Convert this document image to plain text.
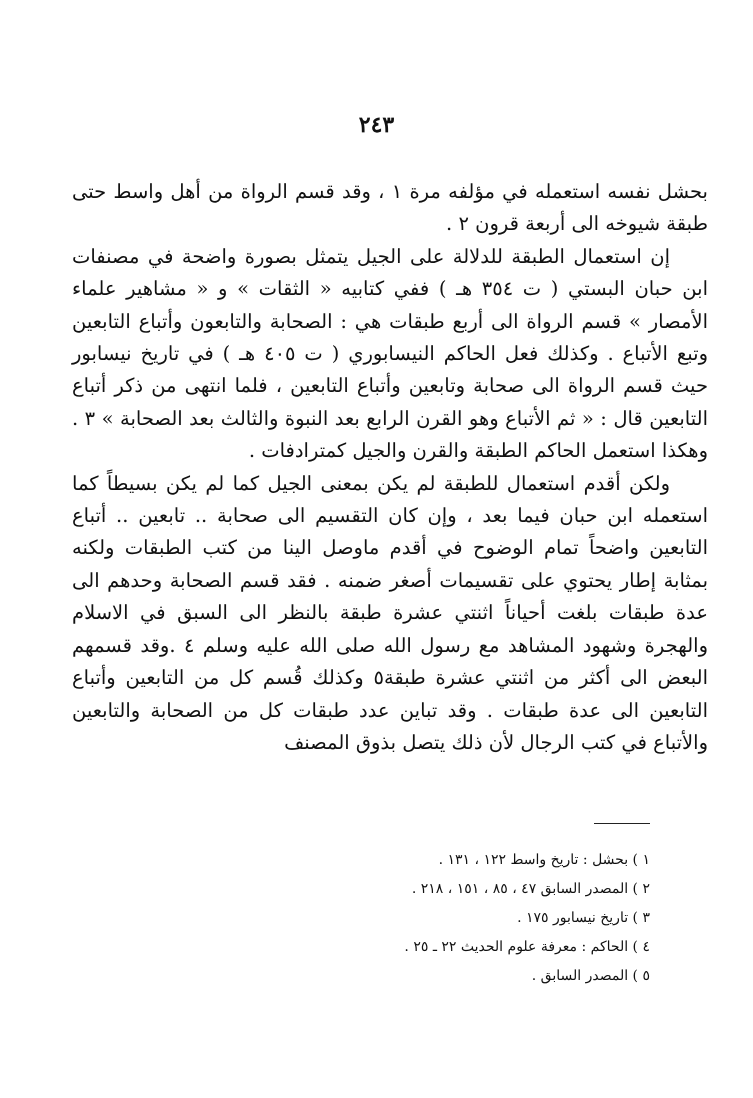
٢٤٣

بحشل نفسه استعمله في مؤلفه مرة ١ ، وقد قسم الرواة من أهل واسط حتى طبقة شيوخه الى أربعة قرون ٢ .

إن استعمال الطبقة للدلالة على الجيل يتمثل بصورة واضحة في مصنفات ابن حبان البستي ( ت ٣٥٤ هـ ) ففي كتابيه « الثقات » و « مشاهير علماء الأمصار » قسم الرواة الى أربع طبقات هي : الصحابة والتابعون وأتباع التابعين وتبع الأتباع . وكذلك فعل الحاكم النيسابوري ( ت ٤٠٥ هـ ) في تاريخ نيسابور حيث قسم الرواة الى صحابة وتابعين وأتباع التابعين ، فلما انتهى من ذكر أتباع التابعين قال : « ثم الأتباع وهو القرن الرابع بعد النبوة والثالث بعد الصحابة » ٣ . وهكذا استعمل الحاكم الطبقة والقرن والجيل كمترادفات .

ولكن أقدم استعمال للطبقة لم يكن بمعنى الجيل كما لم يكن بسيطاً كما استعمله ابن حبان فيما بعد ، وإن كان التقسيم الى صحابة .. تابعين .. أتباع التابعين واضحاً تمام الوضوح في أقدم ماوصل الينا من كتب الطبقات ولكنه بمثابة إطار يحتوي على تقسيمات أصغر ضمنه . فقد قسم الصحابة وحدهم الى عدة طبقات بلغت أحياناً اثنتي عشرة طبقة بالنظر الى السبق في الاسلام والهجرة وشهود المشاهد مع رسول الله صلى الله عليه وسلم ٤ .وقد قسمهم البعض الى أكثر من اثنتي عشرة طبقة٥ وكذلك قُسم كل من التابعين وأتباع التابعين الى عدة طبقات . وقد تباين عدد طبقات كل من الصحابة والتابعين والأتباع في كتب الرجال لأن ذلك يتصل بذوق المصنف

١ ) بحشل : تاريخ واسط ١٢٢ ، ١٣١ .

٢ ) المصدر السابق ٤٧ ، ٨٥ ، ١٥١ ، ٢١٨ .

٣ ) تاريخ نيسابور ١٧٥ .

٤ ) الحاكم : معرفة علوم الحديث ٢٢ ـ ٢٥ .

٥ ) المصدر السابق .
